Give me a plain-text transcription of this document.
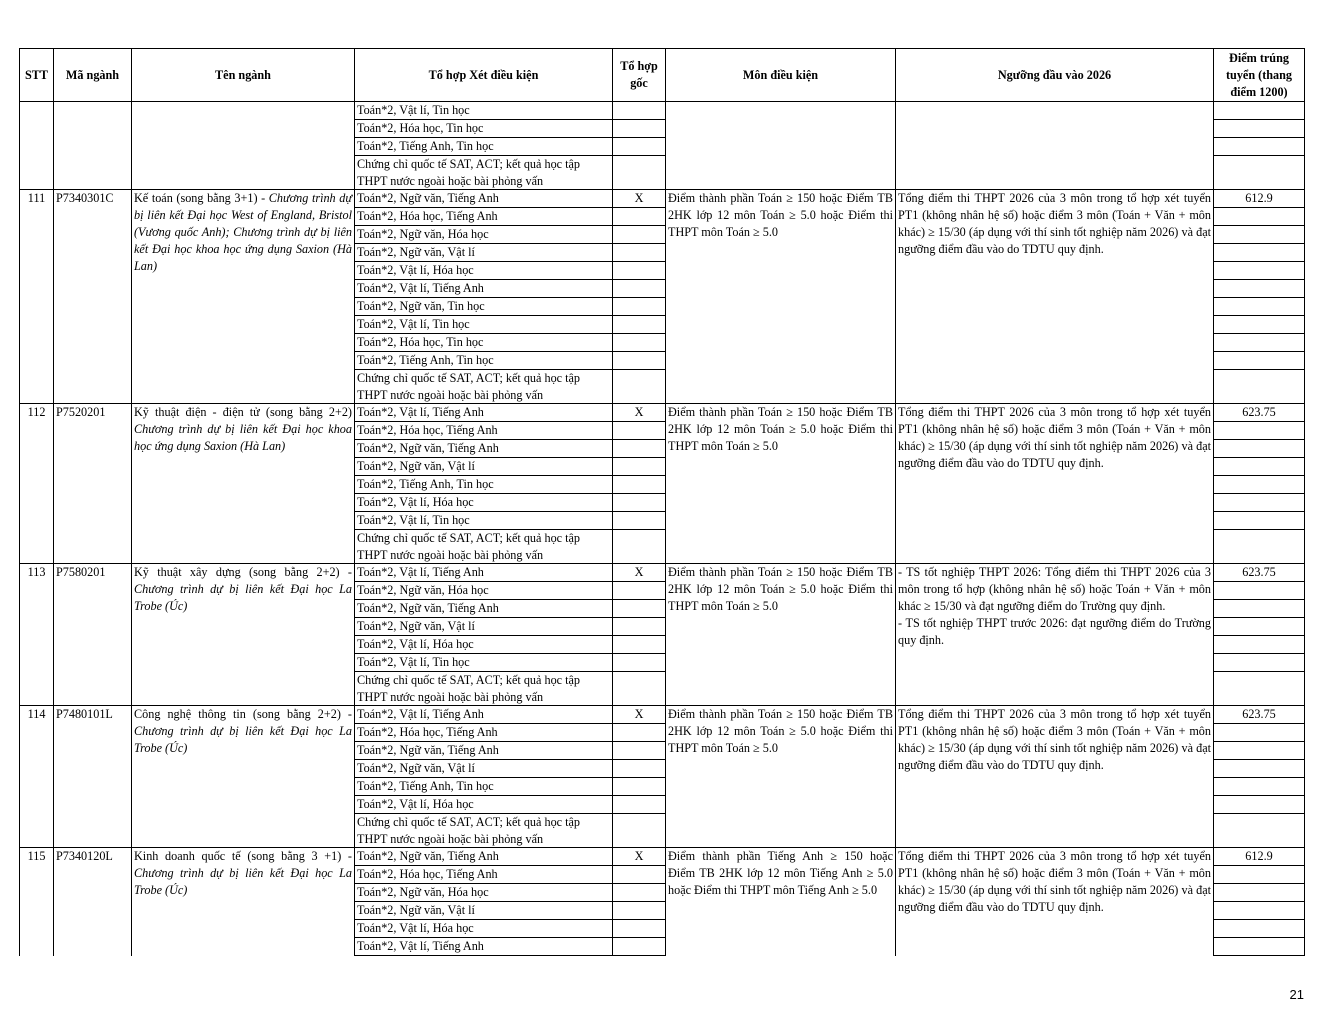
STT	Mã ngành	Tên ngành	Tổ hợp Xét điều kiện	Tổ hợp gốc	Môn điều kiện	Ngưỡng đầu vào 2026	Điểm trúng tuyển (thang điểm 1200)
			Toán*2, Vật lí, Tin học				
			Toán*2, Hóa học, Tin học				
			Toán*2, Tiếng Anh, Tin học				
			Chứng chỉ quốc tế SAT, ACT; kết quả học tập THPT nước ngoài hoặc bài phỏng vấn				
111	P7340301C	Kế toán (song bằng 3+1) - Chương trình dự bị liên kết Đại học West of England, Bristol (Vương quốc Anh); Chương trình dự bị liên kết Đại học khoa học ứng dụng Saxion (Hà Lan)	Toán*2, Ngữ văn, Tiếng Anh	X	Điểm thành phần Toán ≥ 150 hoặc Điểm TB 2HK lớp 12 môn Toán ≥ 5.0 hoặc Điểm thi THPT môn Toán ≥ 5.0	Tổng điểm thi THPT 2026 của 3 môn trong tổ hợp xét tuyển PT1 (không nhân hệ số) hoặc điểm 3 môn (Toán + Văn + môn khác) ≥ 15/30 (áp dụng với thí sinh tốt nghiệp năm 2026) và đạt ngưỡng điểm đầu vào do TDTU quy định.	612.9
			Toán*2, Hóa học, Tiếng Anh				
			Toán*2, Ngữ văn, Hóa học				
			Toán*2, Ngữ văn, Vật lí				
			Toán*2, Vật lí, Hóa học				
			Toán*2, Vật lí, Tiếng Anh				
			Toán*2, Ngữ văn, Tin học				
			Toán*2, Vật lí, Tin học				
			Toán*2, Hóa học, Tin học				
			Toán*2, Tiếng Anh, Tin học				
			Chứng chỉ quốc tế SAT, ACT; kết quả học tập THPT nước ngoài hoặc bài phỏng vấn				
112	P7520201	Kỹ thuật điện - điện tử (song bằng 2+2) Chương trình dự bị liên kết Đại học khoa học ứng dụng Saxion (Hà Lan)	Toán*2, Vật lí, Tiếng Anh	X	Điểm thành phần Toán ≥ 150 hoặc Điểm TB 2HK lớp 12 môn Toán ≥ 5.0 hoặc Điểm thi THPT môn Toán ≥ 5.0	Tổng điểm thi THPT 2026 của 3 môn trong tổ hợp xét tuyển PT1 (không nhân hệ số) hoặc điểm 3 môn (Toán + Văn + môn khác) ≥ 15/30 (áp dụng với thí sinh tốt nghiệp năm 2026) và đạt ngưỡng điểm đầu vào do TDTU quy định.	623.75
			Toán*2, Hóa học, Tiếng Anh				
			Toán*2, Ngữ văn, Tiếng Anh				
			Toán*2, Ngữ văn, Vật lí				
			Toán*2, Tiếng Anh, Tin học				
			Toán*2, Vật lí, Hóa học				
			Toán*2, Vật lí, Tin học				
			Chứng chỉ quốc tế SAT, ACT; kết quả học tập THPT nước ngoài hoặc bài phỏng vấn				
113	P7580201	Kỹ thuật xây dựng (song bằng 2+2) - Chương trình dự bị liên kết Đại học La Trobe (Úc)	Toán*2, Vật lí, Tiếng Anh	X	Điểm thành phần Toán ≥ 150 hoặc Điểm TB 2HK lớp 12 môn Toán ≥ 5.0 hoặc Điểm thi THPT môn Toán ≥ 5.0	- TS tốt nghiệp THPT 2026: Tổng điểm thi THPT 2026 của 3 môn trong tổ hợp (không nhân hệ số) hoặc Toán + Văn + môn khác ≥ 15/30 và đạt ngưỡng điểm do Trường quy định.
- TS tốt nghiệp THPT trước 2026: đạt ngưỡng điểm do Trường quy định.	623.75
			Toán*2, Ngữ văn, Hóa học				
			Toán*2, Ngữ văn, Tiếng Anh				
			Toán*2, Ngữ văn, Vật lí				
			Toán*2, Vật lí, Hóa học				
			Toán*2, Vật lí, Tin học				
			Chứng chỉ quốc tế SAT, ACT; kết quả học tập THPT nước ngoài hoặc bài phỏng vấn				
114	P7480101L	Công nghệ thông tin (song bằng 2+2) - Chương trình dự bị liên kết Đại học La Trobe (Úc)	Toán*2, Vật lí, Tiếng Anh	X	Điểm thành phần Toán ≥ 150 hoặc Điểm TB 2HK lớp 12 môn Toán ≥ 5.0 hoặc Điểm thi THPT môn Toán ≥ 5.0	Tổng điểm thi THPT 2026 của 3 môn trong tổ hợp xét tuyển PT1 (không nhân hệ số) hoặc điểm 3 môn (Toán + Văn + môn khác) ≥ 15/30 (áp dụng với thí sinh tốt nghiệp năm 2026) và đạt ngưỡng điểm đầu vào do TDTU quy định.	623.75
			Toán*2, Hóa học, Tiếng Anh				
			Toán*2, Ngữ văn, Tiếng Anh				
			Toán*2, Ngữ văn, Vật lí				
			Toán*2, Tiếng Anh, Tin học				
			Toán*2, Vật lí, Hóa học				
			Chứng chỉ quốc tế SAT, ACT; kết quả học tập THPT nước ngoài hoặc bài phỏng vấn				
115	P7340120L	Kinh doanh quốc tế (song bằng 3 +1) - Chương trình dự bị liên kết Đại học La Trobe (Úc)	Toán*2, Ngữ văn, Tiếng Anh	X	Điểm thành phần Tiếng Anh ≥ 150 hoặc Điểm TB 2HK lớp 12 môn Tiếng Anh ≥ 5.0 hoặc Điểm thi THPT môn Tiếng Anh ≥ 5.0	Tổng điểm thi THPT 2026 của 3 môn trong tổ hợp xét tuyển PT1 (không nhân hệ số) hoặc điểm 3 môn (Toán + Văn + môn khác) ≥ 15/30 (áp dụng với thí sinh tốt nghiệp năm 2026) và đạt ngưỡng điểm đầu vào do TDTU quy định.	612.9
			Toán*2, Hóa học, Tiếng Anh				
			Toán*2, Ngữ văn, Hóa học				
			Toán*2, Ngữ văn, Vật lí				
			Toán*2, Vật lí, Hóa học				
			Toán*2, Vật lí, Tiếng Anh				
21
